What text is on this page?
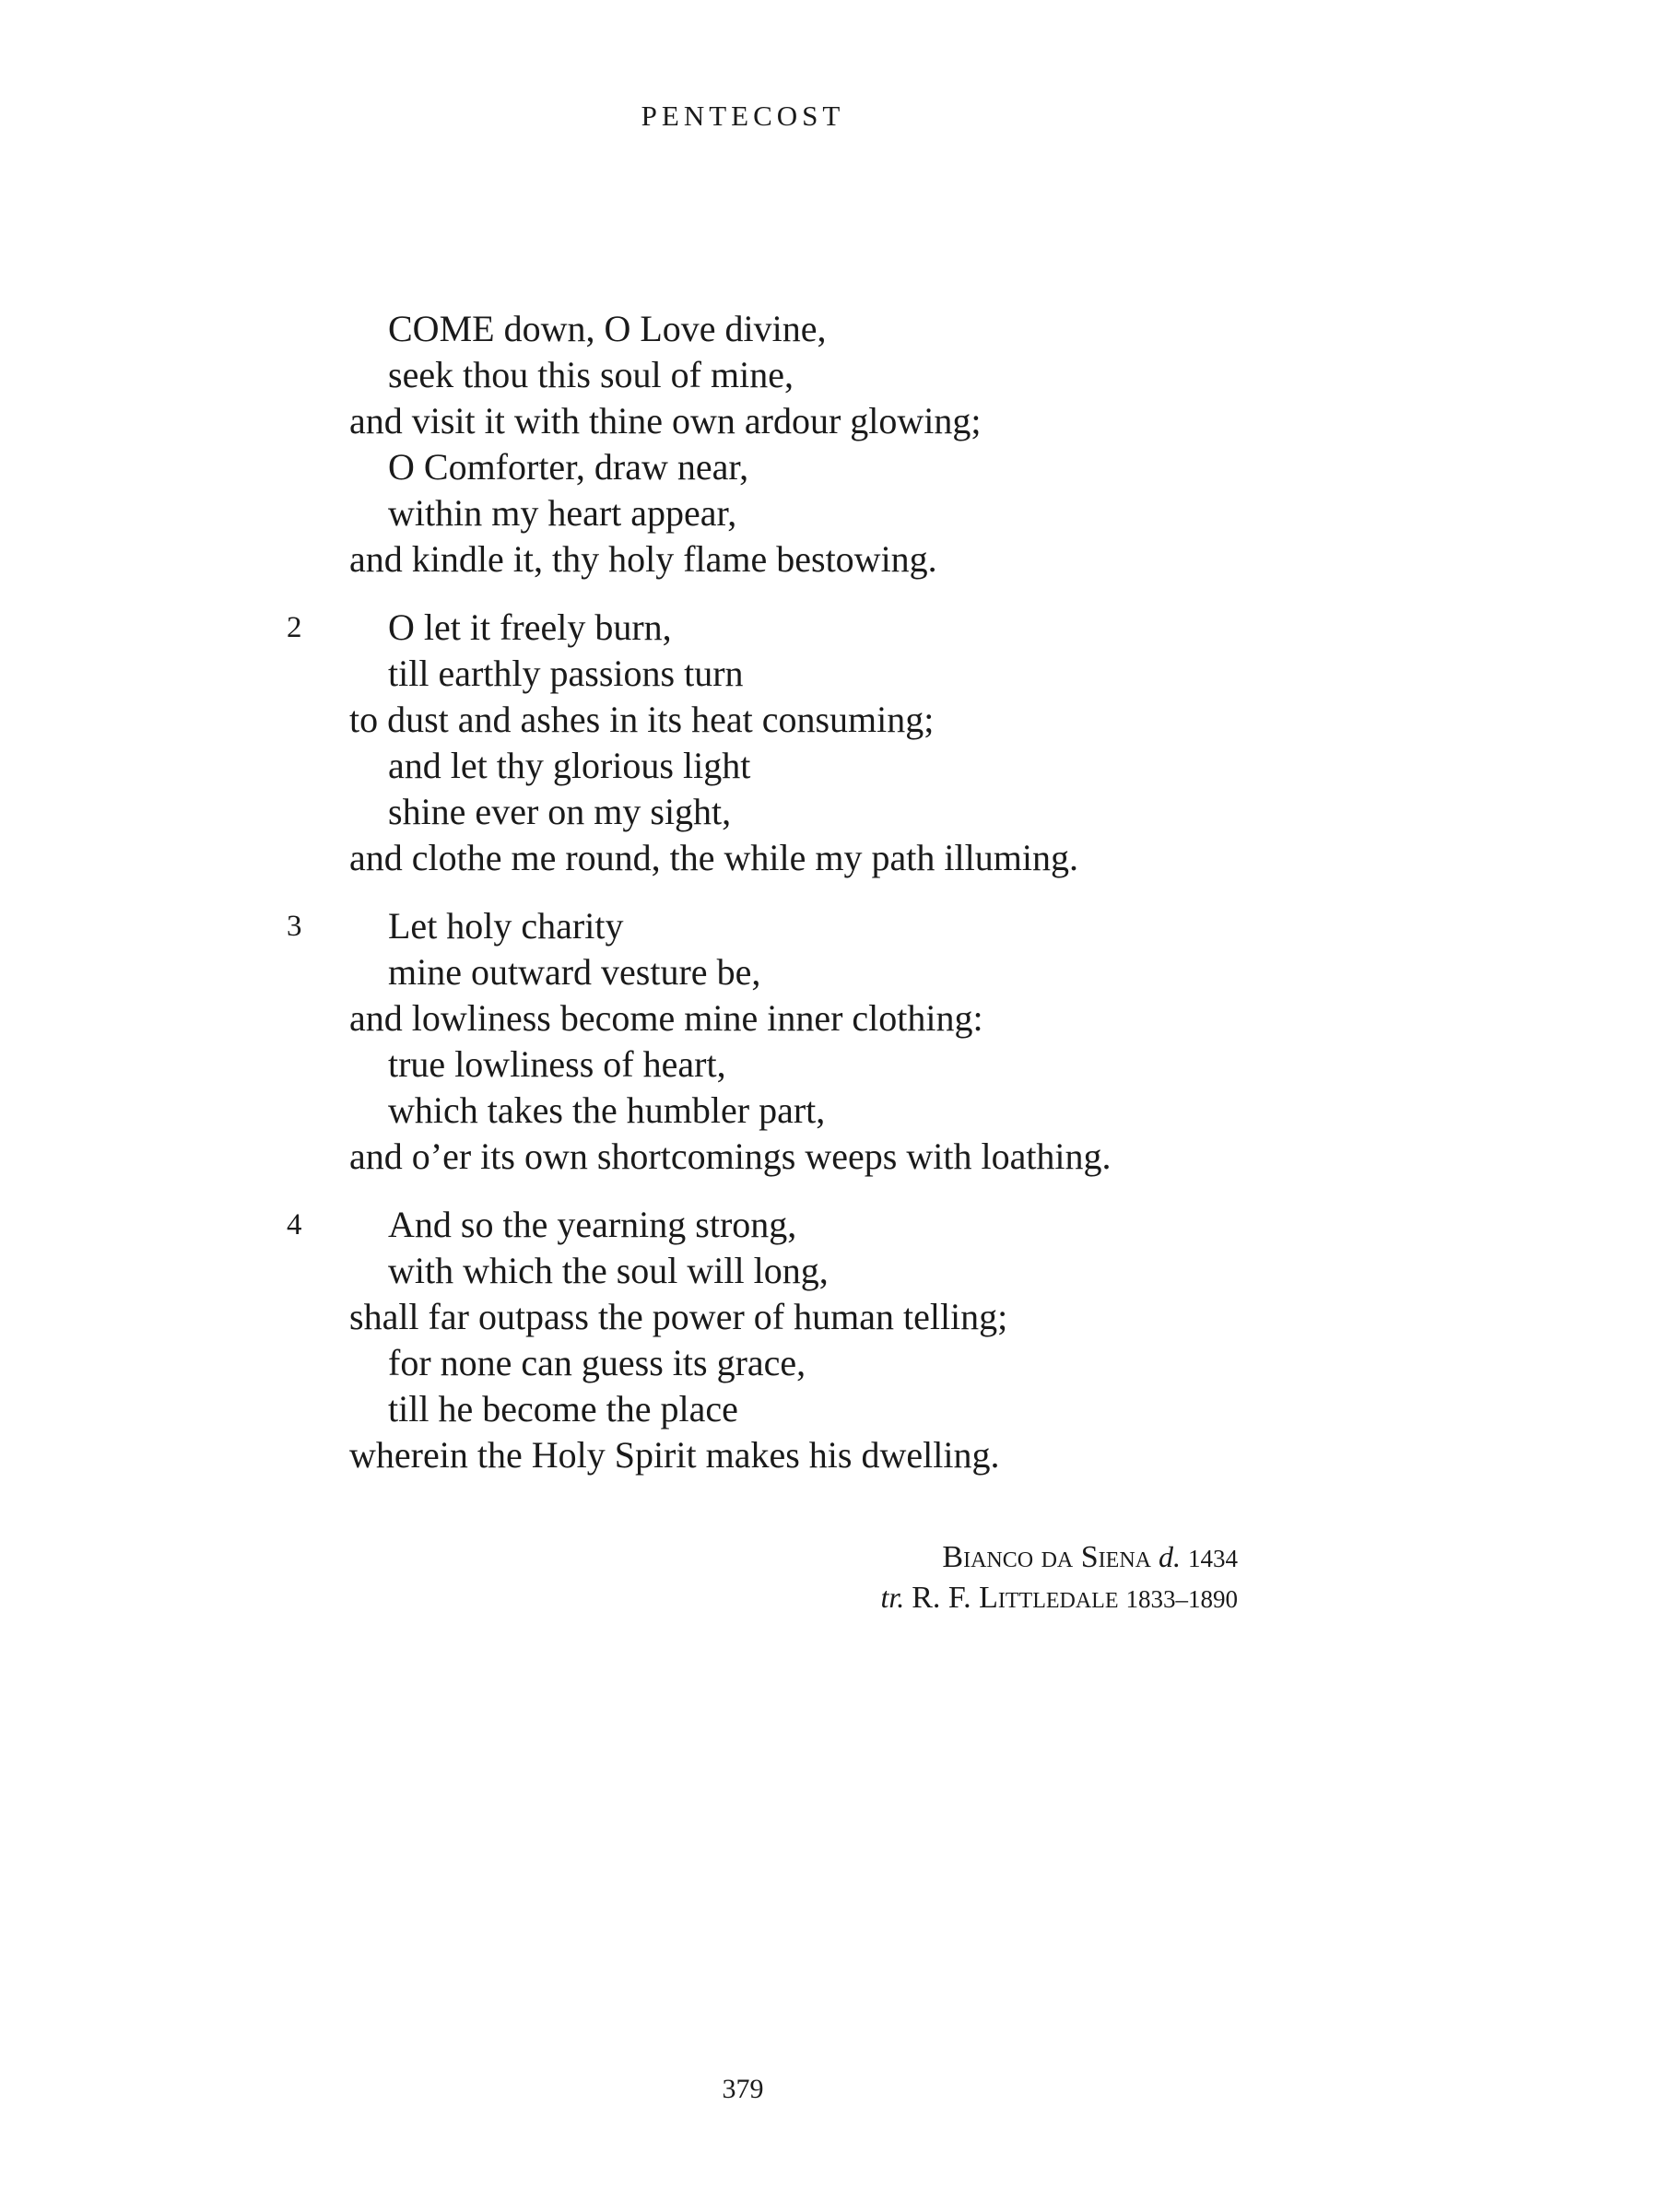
PENTECOST
COME down, O Love divine,
seek thou this soul of mine,
and visit it with thine own ardour glowing;
O Comforter, draw near,
within my heart appear,
and kindle it, thy holy flame bestowing.
2	O let it freely burn,
till earthly passions turn
to dust and ashes in its heat consuming;
and let thy glorious light
shine ever on my sight,
and clothe me round, the while my path illuming.
3	Let holy charity
mine outward vesture be,
and lowliness become mine inner clothing:
true lowliness of heart,
which takes the humbler part,
and o’er its own shortcomings weeps with loathing.
4	And so the yearning strong,
with which the soul will long,
shall far outpass the power of human telling;
for none can guess its grace,
till he become the place
wherein the Holy Spirit makes his dwelling.
Bianco da Siena d. 1434
tr. R. F. Littledale 1833–1890
379
